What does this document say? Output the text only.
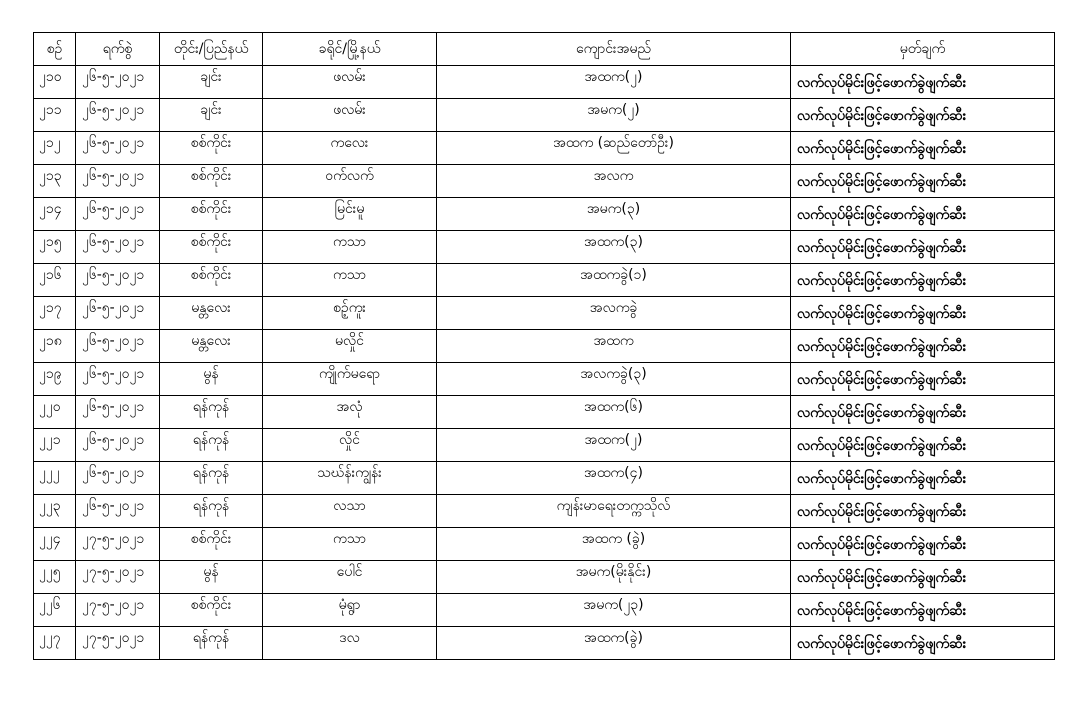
စဉ်	ရက်စွဲ	တိုင်း/ပြည်နယ်	ခရိုင်/မြို့နယ်	ကျောင်းအမည်	မှတ်ချက်
၂၁၀	၂၆-၅-၂၀၂၁	ချင်း	ဖလမ်း	အထက(၂)	လက်လုပ်မိုင်းဖြင့်ဖောက်ခွဲဖျက်ဆီး
၂၁၁	၂၆-၅-၂၀၂၁	ချင်း	ဖလမ်း	အမက(၂)	လက်လုပ်မိုင်းဖြင့်ဖောက်ခွဲဖျက်ဆီး
၂၁၂	၂၆-၅-၂၀၂၁	စစ်ကိုင်း	ကလေး	အထက (ဆည်တော်ဦး)	လက်လုပ်မိုင်းဖြင့်ဖောက်ခွဲဖျက်ဆီး
၂၁၃	၂၆-၅-၂၀၂၁	စစ်ကိုင်း	ဝက်လက်	အလက	လက်လုပ်မိုင်းဖြင့်ဖောက်ခွဲဖျက်ဆီး
၂၁၄	၂၆-၅-၂၀၂၁	စစ်ကိုင်း	မြင်းမူ	အမက(၃)	လက်လုပ်မိုင်းဖြင့်ဖောက်ခွဲဖျက်ဆီး
၂၁၅	၂၆-၅-၂၀၂၁	စစ်ကိုင်း	ကသာ	အထက(၃)	လက်လုပ်မိုင်းဖြင့်ဖောက်ခွဲဖျက်ဆီး
၂၁၆	၂၆-၅-၂၀၂၁	စစ်ကိုင်း	ကသာ	အထကခွဲ(၁)	လက်လုပ်မိုင်းဖြင့်ဖောက်ခွဲဖျက်ဆီး
၂၁၇	၂၆-၅-၂၀၂၁	မန္တလေး	စဉ့်ကူး	အလကခွဲ	လက်လုပ်မိုင်းဖြင့်ဖောက်ခွဲဖျက်ဆီး
၂၁၈	၂၆-၅-၂၀၂၁	မန္တလေး	မလှိုင်	အထက	လက်လုပ်မိုင်းဖြင့်ဖောက်ခွဲဖျက်ဆီး
၂၁၉	၂၆-၅-၂၀၂၁	မွန်	ကျိုက်မရော	အလကခွဲ(၃)	လက်လုပ်မိုင်းဖြင့်ဖောက်ခွဲဖျက်ဆီး
၂၂၀	၂၆-၅-၂၀၂၁	ရန်ကုန်	အလုံ	အထက(၆)	လက်လုပ်မိုင်းဖြင့်ဖောက်ခွဲဖျက်ဆီး
၂၂၁	၂၆-၅-၂၀၂၁	ရန်ကုန်	လှိုင်	အထက(၂)	လက်လုပ်မိုင်းဖြင့်ဖောက်ခွဲဖျက်ဆီး
၂၂၂	၂၆-၅-၂၀၂၁	ရန်ကုန်	သဃ်န်းကျွန်း	အထက(၄)	လက်လုပ်မိုင်းဖြင့်ဖောက်ခွဲဖျက်ဆီး
၂၂၃	၂၆-၅-၂၀၂၁	ရန်ကုန်	လသာ	ကျန်းမာရေးတက္ကသိုလ်	လက်လုပ်မိုင်းဖြင့်ဖောက်ခွဲဖျက်ဆီး
၂၂၄	၂၇-၅-၂၀၂၁	စစ်ကိုင်း	ကသာ	အထက (ခွဲ)	လက်လုပ်မိုင်းဖြင့်ဖောက်ခွဲဖျက်ဆီး
၂၂၅	၂၇-၅-၂၀၂၁	မွန်	ပေါင်	အမက(မိုးနိုင်း)	လက်လုပ်မိုင်းဖြင့်ဖောက်ခွဲဖျက်ဆီး
၂၂၆	၂၇-၅-၂၀၂၁	စစ်ကိုင်း	မုံရွာ	အမက(၂၃)	လက်လုပ်မိုင်းဖြင့်ဖောက်ခွဲဖျက်ဆီး
၂၂၇	၂၇-၅-၂၀၂၁	ရန်ကုန်	ဒလ	အထက(ခွဲ)	လက်လုပ်မိုင်းဖြင့်ဖောက်ခွဲဖျက်ဆီး
